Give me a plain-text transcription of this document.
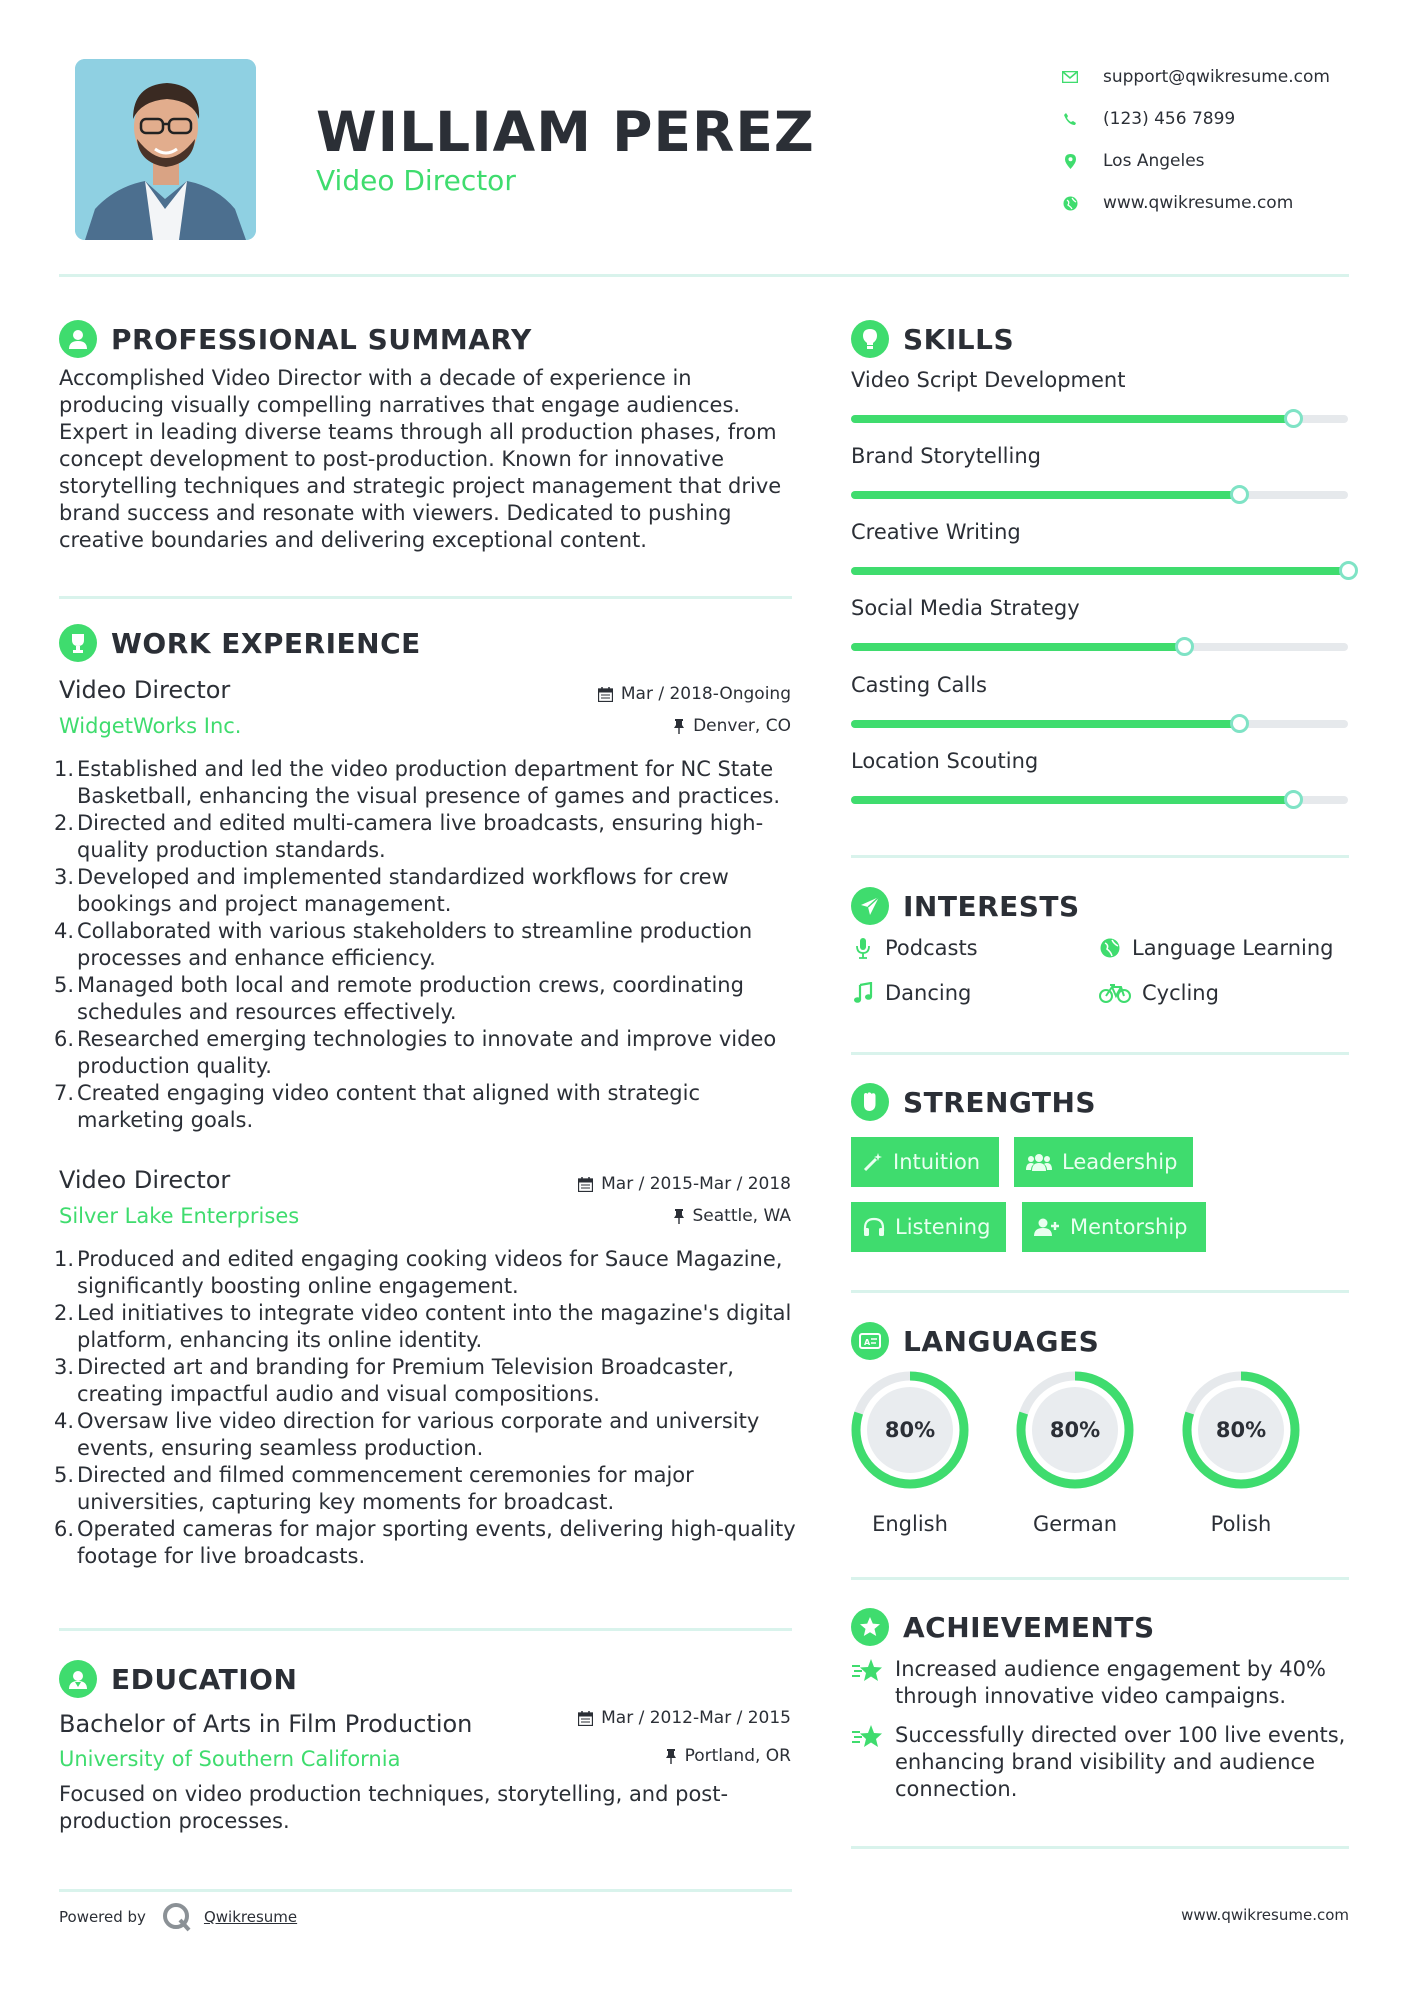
WILLIAM PEREZ
Video Director
support@qwikresume.com
(123) 456 7899
Los Angeles
www.qwikresume.com
PROFESSIONAL SUMMARY
Accomplished Video Director with a decade of experience in producing visually compelling narratives that engage audiences. Expert in leading diverse teams through all production phases, from concept development to post-production. Known for innovative storytelling techniques and strategic project management that drive brand success and resonate with viewers. Dedicated to pushing creative boundaries and delivering exceptional content.
WORK EXPERIENCE
Video Director
WidgetWorks Inc.
Mar / 2018-Ongoing
Denver, CO
1. Established and led the video production department for NC State Basketball, enhancing the visual presence of games and practices.
2. Directed and edited multi-camera live broadcasts, ensuring high-quality production standards.
3. Developed and implemented standardized workflows for crew bookings and project management.
4. Collaborated with various stakeholders to streamline production processes and enhance efficiency.
5. Managed both local and remote production crews, coordinating schedules and resources effectively.
6. Researched emerging technologies to innovate and improve video production quality.
7. Created engaging video content that aligned with strategic marketing goals.
Video Director
Silver Lake Enterprises
Mar / 2015-Mar / 2018
Seattle, WA
1. Produced and edited engaging cooking videos for Sauce Magazine, significantly boosting online engagement.
2. Led initiatives to integrate video content into the magazine's digital platform, enhancing its online identity.
3. Directed art and branding for Premium Television Broadcaster, creating impactful audio and visual compositions.
4. Oversaw live video direction for various corporate and university events, ensuring seamless production.
5. Directed and filmed commencement ceremonies for major universities, capturing key moments for broadcast.
6. Operated cameras for major sporting events, delivering high-quality footage for live broadcasts.
EDUCATION
Bachelor of Arts in Film Production
University of Southern California
Mar / 2012-Mar / 2015
Portland, OR
Focused on video production techniques, storytelling, and post-production processes.
SKILLS
Video Script Development
Brand Storytelling
Creative Writing
Social Media Strategy
Casting Calls
Location Scouting
INTERESTS
Podcasts	Language Learning
Dancing	Cycling
STRENGTHS
Intuition	Leadership
Listening	Mentorship
A LANGUAGES
80%
English
80%
German
80%
Polish
ACHIEVEMENTS
Increased audience engagement by 40% through innovative video campaigns.
Successfully directed over 100 live events, enhancing brand visibility and audience connection.
Powered by	Qwikresume	www.qwikresume.com
